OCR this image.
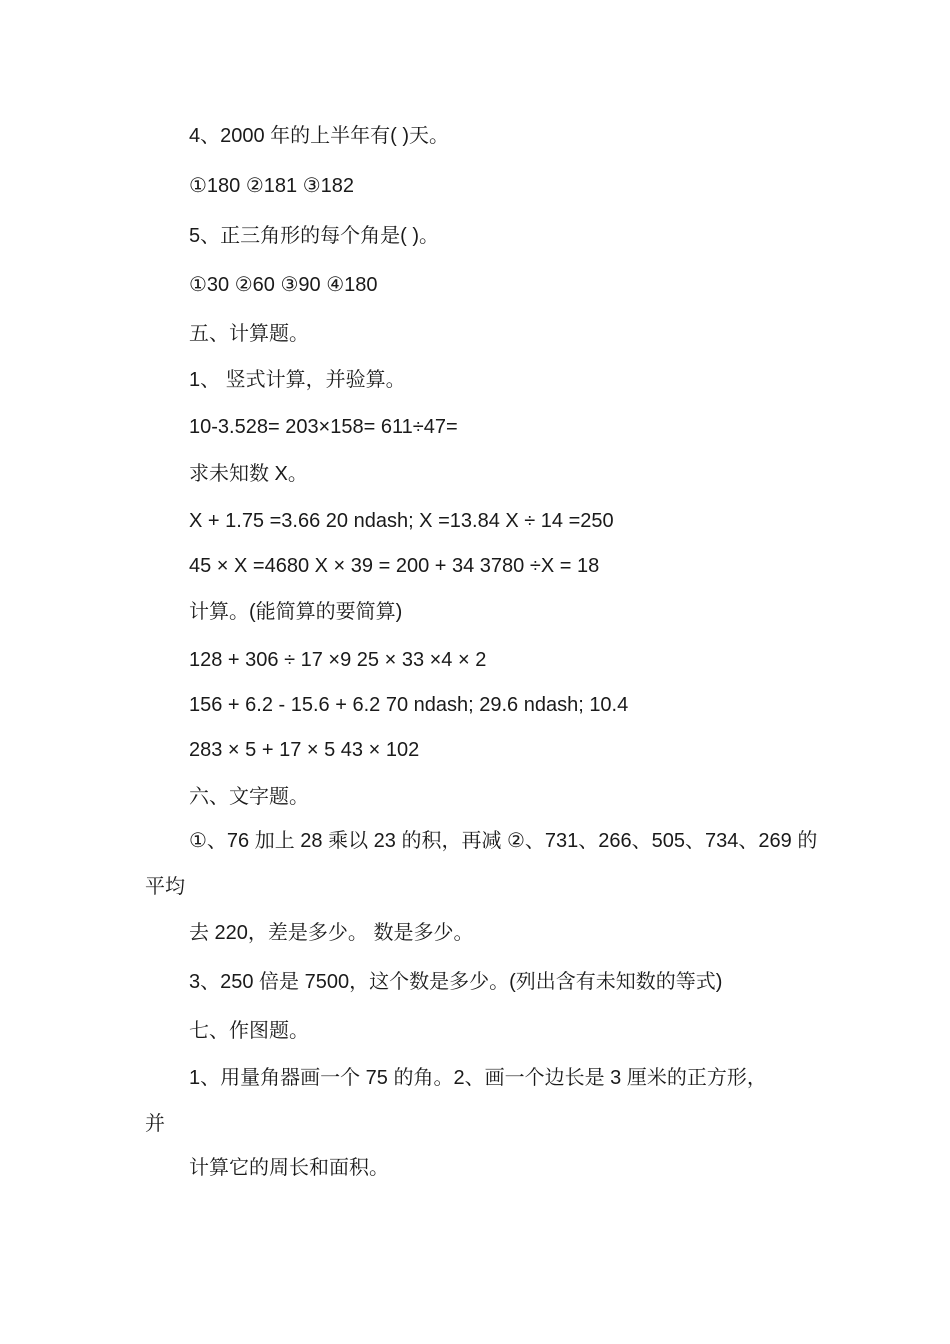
4、2000 年的上半年有( )天。
①180 ②181 ③182
5、正三角形的每个角是( )。
①30 ②60 ③90 ④180
五、计算题。
1、 竖式计算，并验算。
10-3.528= 203×158= 611÷47=
求未知数 X。
X + 1.75 =3.66 20 ndash; X =13.84 X ÷ 14 =250
45 × X =4680 X × 39 = 200 + 34 3780 ÷X = 18
计算。(能简算的要简算)
128 + 306 ÷ 17 ×9 25 × 33 ×4 × 2
156 + 6.2 - 15.6 + 6.2 70 ndash; 29.6 ndash; 10.4
283 × 5 + 17 × 5 43 × 102
六、文字题。
①、76 加上 28 乘以 23 的积，再减 ②、731、266、505、734、269 的
平均
去 220，差是多少。 数是多少。
3、250 倍是 7500，这个数是多少。(列出含有未知数的等式)
七、作图题。
1、用量角器画一个 75 的角。2、画一个边长是 3 厘米的正方形，
并
计算它的周长和面积。
